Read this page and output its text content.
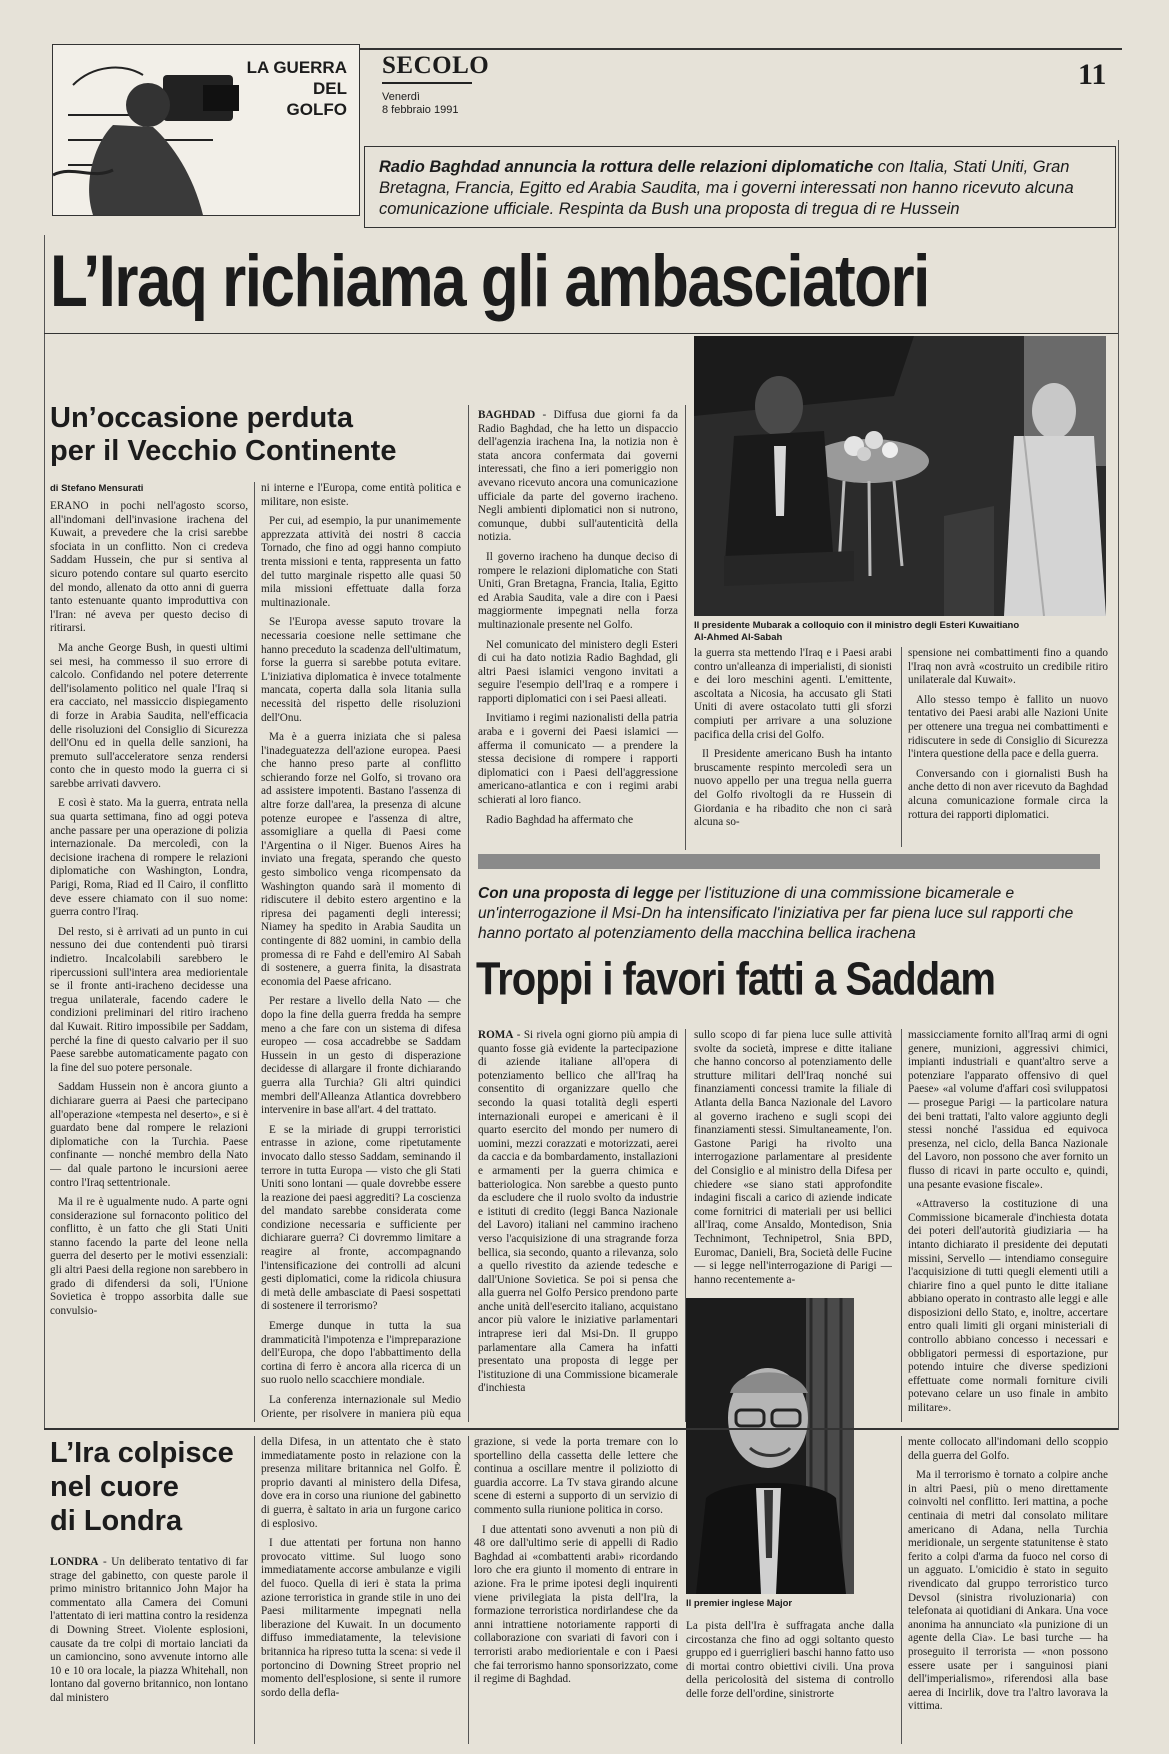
LA GUERRA
DEL
GOLFO
SECOLO
Venerdì
8 febbraio 1991
11
Radio Baghdad annuncia la rottura delle relazioni diplomatiche con Italia, Stati Uniti, Gran Bretagna, Francia, Egitto ed Arabia Saudita, ma i governi interessati non hanno ricevuto alcuna comunicazione ufficiale. Respinta da Bush una proposta di tregua di re Hussein
L’Iraq richiama gli ambasciatori
Un’occasione perduta
per il Vecchio Continente
di Stefano Mensurati

ERANO in pochi nell'agosto scorso, all'indomani dell'invasione irachena del Kuwait, a prevedere che la crisi sarebbe sfociata in un conflitto. Non ci credeva Saddam Hussein, che pur si sentiva al sicuro potendo contare sul quarto esercito del mondo, allenato da otto anni di guerra tanto estenuante quanto improduttiva con l'Iran: né aveva per questo deciso di ritirarsi.

Ma anche George Bush, in questi ultimi sei mesi, ha commesso il suo errore di calcolo. Confidando nel potere deterrente dell'isolamento politico nel quale l'Iraq si era cacciato, nel massiccio dispiegamento di forze in Arabia Saudita, nell'efficacia delle risoluzioni del Consiglio di Sicurezza dell'Onu ed in quella delle sanzioni, ha premuto sull'acceleratore senza rendersi conto che in questo modo la guerra ci si sarebbe arrivati davvero.

E così è stato. Ma la guerra, entrata nella sua quarta settimana, fino ad oggi poteva anche passare per una operazione di polizia internazionale. Da mercoledì, con la decisione irachena di rompere le relazioni diplomatiche con Washington, Londra, Parigi, Roma, Riad ed Il Cairo, il conflitto deve essere chiamato con il suo nome: guerra contro l'Iraq.

Del resto, si è arrivati ad un punto in cui nessuno dei due contendenti può tirarsi indietro. Incalcolabili sarebbero le ripercussioni sull'intera area mediorientale se il fronte anti-iracheno decidesse una tregua unilaterale, facendo cadere le condizioni preliminari del ritiro iracheno dal Kuwait. Ritiro impossibile per Saddam, perché la fine di questo calvario per il suo Paese sarebbe automaticamente pagato con la fine del suo potere personale.

Saddam Hussein non è ancora giunto a dichiarare guerra ai Paesi che partecipano all'operazione «tempesta nel deserto», e si è guardato bene dal rompere le relazioni diplomatiche con la Turchia. Paese confinante — nonché membro della Nato — dal quale partono le incursioni aeree contro l'Iraq settentrionale.

Ma il re è ugualmente nudo. A parte ogni considerazione sul fornaconto politico del conflitto, è un fatto che gli Stati Uniti stanno facendo la parte del leone nella guerra del deserto per le motivi essenziali: gli altri Paesi della regione non sarebbero in grado di difendersi da soli, l'Unione Sovietica è troppo assorbita dalle sue convulsio-

ni interne e l'Europa, come entità politica e militare, non esiste.

Per cui, ad esempio, la pur unanimemente apprezzata attività dei nostri 8 caccia Tornado, che fino ad oggi hanno compiuto trenta missioni e tenta, rappresenta un fatto del tutto marginale rispetto alle quasi 50 mila missioni effettuate dalla forza multinazionale.

Se l'Europa avesse saputo trovare la necessaria coesione nelle settimane che hanno preceduto la scadenza dell'ultimatum, forse la guerra si sarebbe potuta evitare. L'iniziativa diplomatica è invece totalmente mancata, coperta dalla sola litania sulla necessità del rispetto delle risoluzioni dell'Onu.

Ma è a guerra iniziata che si palesa l'inadeguatezza dell'azione europea. Paesi che hanno preso parte al conflitto schierando forze nel Golfo, si trovano ora ad assistere impotenti. Bastano l'assenza di altre forze dall'area, la presenza di alcune potenze europee e l'assenza di altre, assomigliare a quella di Paesi come l'Argentina o il Niger. Buenos Aires ha inviato una fregata, sperando che questo gesto simbolico venga ricompensato da Washington quando sarà il momento di ridiscutere il debito estero argentino e la ripresa dei pagamenti degli interessi; Niamey ha spedito in Arabia Saudita un contingente di 882 uomini, in cambio della promessa di re Fahd e dell'emiro Al Sabah di sostenere, a guerra finita, la disastrata economia del Paese africano.

Per restare a livello della Nato — che dopo la fine della guerra fredda ha sempre meno a che fare con un sistema di difesa europeo — cosa accadrebbe se Saddam Hussein in un gesto di disperazione decidesse di allargare il fronte dichiarando guerra alla Turchia? Gli altri quindici membri dell'Alleanza Atlantica dovrebbero intervenire in base all'art. 4 del trattato.

E se la miriade di gruppi terroristici entrasse in azione, come ripetutamente invocato dallo stesso Saddam, seminando il terrore in tutta Europa — visto che gli Stati Uniti sono lontani — quale dovrebbe essere la reazione dei paesi aggrediti? La coscienza del mandato sarebbe considerata come condizione necessaria e sufficiente per dichiarare guerra? Ci dovremmo limitare a reagire al fronte, accompagnando l'intensificazione dei controlli ad alcuni gesti diplomatici, come la ridicola chiusura di metà delle ambasciate di Paesi sospettati di sostenere il terrorismo?

Emerge dunque in tutta la sua drammaticità l'impotenza e l'impreparazione dell'Europa, che dopo l'abbattimento della cortina di ferro è ancora alla ricerca di un suo ruolo nello scacchiere mondiale.

La conferenza internazionale sul Medio Oriente, per risolvere in maniera più equa

BAGHDAD - Diffusa due giorni fa da Radio Baghdad, che ha letto un dispaccio dell'agenzia irachena Ina, la notizia non è stata ancora confermata dai governi interessati, che fino a ieri pomeriggio non avevano ricevuto ancora una comunicazione ufficiale da parte del governo iracheno. Negli ambienti diplomatici non si nutrono, comunque, dubbi sull'autenticità della notizia.

Il governo iracheno ha dunque deciso di rompere le relazioni diplomatiche con Stati Uniti, Gran Bretagna, Francia, Italia, Egitto ed Arabia Saudita, vale a dire con i Paesi maggiormente impegnati nella forza multinazionale presente nel Golfo.

Nel comunicato del ministero degli Esteri di cui ha dato notizia Radio Baghdad, gli altri Paesi islamici vengono invitati a seguire l'esempio dell'Iraq e a rompere i rapporti diplomatici con i sei Paesi alleati.

Invitiamo i regimi nazionalisti della patria araba e i governi dei Paesi islamici — afferma il comunicato — a prendere la stessa decisione di rompere i rapporti diplomatici con i Paesi dell'aggressione americano-atlantica e con i regimi arabi schierati al loro fianco.

Radio Baghdad ha affermato che

Il presidente Mubarak a colloquio con il ministro degli Esteri Kuwaitiano
Al-Ahmed Al-Sabah

la guerra sta mettendo l'Iraq e i Paesi arabi contro un'alleanza di imperialisti, di sionisti e dei loro meschini agenti. L'emittente, ascoltata a Nicosia, ha accusato gli Stati Uniti di avere ostacolato tutti gli sforzi compiuti per arrivare a una soluzione pacifica della crisi del Golfo.

Il Presidente americano Bush ha intanto bruscamente respinto mercoledì sera un nuovo appello per una tregua nella guerra del Golfo rivoltogli da re Hussein di Giordania e ha ribadito che non ci sarà alcuna so-

spensione nei combattimenti fino a quando l'Iraq non avrà «costruito un credibile ritiro unilaterale dal Kuwait».

Allo stesso tempo è fallito un nuovo tentativo dei Paesi arabi alle Nazioni Unite per ottenere una tregua nei combattimenti e ridiscutere in sede di Consiglio di Sicurezza l'intera questione della pace e della guerra.

Conversando con i giornalisti Bush ha anche detto di non aver ricevuto da Baghdad alcuna comunicazione formale circa la rottura dei rapporti diplomatici.

Con una proposta di legge per l'istituzione di una commissione bicamerale e un'interrogazione il Msi-Dn ha intensificato l'iniziativa per far piena luce sul rapporti che hanno portato al potenziamento della macchina bellica irachena
Troppi i favori fatti a Saddam

ROMA - Si rivela ogni giorno più ampia di quanto fosse già evidente la partecipazione di aziende italiane all'opera di potenziamento bellico che all'Iraq ha consentito di organizzare quello che secondo la quasi totalità degli esperti internazionali europei e americani è il quarto esercito del mondo per numero di uomini, mezzi corazzati e motorizzati, aerei da caccia e da bombardamento, installazioni e armamenti per la guerra chimica e batteriologica. Non sarebbe a questo punto da escludere che il ruolo svolto da industrie e istituti di credito (leggi Banca Nazionale del Lavoro) italiani nel cammino iracheno verso l'acquisizione di una stragrande forza bellica, sia secondo, quanto a rilevanza, solo a quello rivestito da aziende tedesche e dall'Unione Sovietica. Se poi si pensa che alla guerra nel Golfo Persico prendono parte anche unità dell'esercito italiano, acquistano ancor più valore le iniziative parlamentari intraprese ieri dal Msi-Dn. Il gruppo parlamentare alla Camera ha infatti presentato una proposta di legge per l'istituzione di una Commissione bicamerale d'inchiesta

sullo scopo di far piena luce sulle attività svolte da società, imprese e ditte italiane che hanno concorso al potenziamento delle strutture militari dell'Iraq nonché sui finanziamenti concessi tramite la filiale di Atlanta della Banca Nazionale del Lavoro al governo iracheno e sugli scopi dei finanziamenti stessi. Simultaneamente, l'on. Gastone Parigi ha rivolto una interrogazione parlamentare al presidente del Consiglio e al ministro della Difesa per chiedere «se siano stati approfondite indagini fiscali a carico di aziende indicate come fornitrici di materiali per usi bellici all'Iraq, come Ansaldo, Montedison, Snia Technimont, Technipetrol, Snia BPD, Euromac, Danieli, Bra, Società delle Fucine — si legge nell'interrogazione di Parigi — hanno recentemente a-

massicciamente fornito all'Iraq armi di ogni genere, munizioni, aggressivi chimici, impianti industriali e quant'altro serve a potenziare l'apparato offensivo di quel Paese» «al volume d'affari così sviluppatosi — prosegue Parigi — la particolare natura dei beni trattati, l'alto valore aggiunto degli stessi nonché l'assidua ed equivoca presenza, nel ciclo, della Banca Nazionale del Lavoro, non possono che aver fornito un flusso di ricavi in parte occulto e, quindi, una pesante evasione fiscale».

«Attraverso la costituzione di una Commissione bicamerale d'inchiesta dotata dei poteri dell'autorità giudiziaria — ha intanto dichiarato il presidente dei deputati missini, Servello — intendiamo conseguire l'acquisizione di tutti quegli elementi utili a chiarire fino a quel punto le ditte italiane abbiano operato in contrasto alle leggi e alle disposizioni dello Stato, e, inoltre, accertare entro quali limiti gli organi ministeriali di controllo abbiano concesso i necessari e obbligatori permessi di esportazione, pur potendo intuire che diverse spedizioni effettuate come normali forniture civili potevano celare un uso finale in ambito militare».

Il premier inglese Major
L’Ira colpisce
nel cuore
di Londra

LONDRA - Un deliberato tentativo di far strage del gabinetto, con queste parole il primo ministro britannico John Major ha commentato alla Camera dei Comuni l'attentato di ieri mattina contro la residenza di Downing Street. Violente esplosioni, causate da tre colpi di mortaio lanciati da un camioncino, sono avvenute intorno alle 10 e 10 ora locale, la piazza Whitehall, non lontano dal governo britannico, non lontano dal ministero

della Difesa, in un attentato che è stato immediatamente posto in relazione con la presenza militare britannica nel Golfo. È proprio davanti al ministero della Difesa, dove era in corso una riunione del gabinetto di guerra, è saltato in aria un furgone carico di esplosivo.

I due attentati per fortuna non hanno provocato vittime. Sul luogo sono immediatamente accorse ambulanze e vigili del fuoco. Quella di ieri è stata la prima azione terroristica in grande stile in uno dei Paesi militarmente impegnati nella liberazione del Kuwait. In un documento diffuso immediatamente, la televisione britannica ha ripreso tutta la scena: si vede il portoncino di Downing Street proprio nel momento dell'esplosione, si sente il rumore sordo della defla-

grazione, si vede la porta tremare con lo sportellino della cassetta delle lettere che continua a oscillare mentre il poliziotto di guardia accorre. La Tv stava girando alcune scene di esterni a supporto di un servizio di commento sulla riunione politica in corso.

I due attentati sono avvenuti a non più di 48 ore dall'ultimo serie di appelli di Radio Baghdad ai «combattenti arabi» ricordando loro che era giunto il momento di entrare in azione. Fra le prime ipotesi degli inquirenti viene privilegiata la pista dell'Ira, la formazione terroristica nordirlandese che da anni intrattiene notoriamente rapporti di collaborazione con svariati di favori con i terroristi arabo mediorientale e con i Paesi che fai terrorismo hanno sponsorizzato, come il regime di Baghdad.

La pista dell'Ira è suffragata anche dalla circostanza che fino ad oggi soltanto questo gruppo ed i guerriglieri baschi hanno fatto uso di mortai contro obiettivi civili. Una prova della pericolosità del sistema di controllo delle forze dell'ordine, sinistrorte

mente collocato all'indomani dello scoppio della guerra del Golfo.

Ma il terrorismo è tornato a colpire anche in altri Paesi, più o meno direttamente coinvolti nel conflitto. Ieri mattina, a poche centinaia di metri dal consolato militare americano di Adana, nella Turchia meridionale, un sergente statunitense è stato ferito a colpi d'arma da fuoco nel corso di un agguato. L'omicidio è stato in seguito rivendicato dal gruppo terroristico turco Devsol (sinistra rivoluzionaria) con telefonata ai quotidiani di Ankara. Una voce anonima ha annunciato «la punizione di un agente della Cia». Le basi turche — ha proseguito il terrorista — «non possono essere usate per i sanguinosi piani dell'imperialismo», riferendosi alla base aerea di Incirlik, dove tra l'altro lavorava la vittima.
